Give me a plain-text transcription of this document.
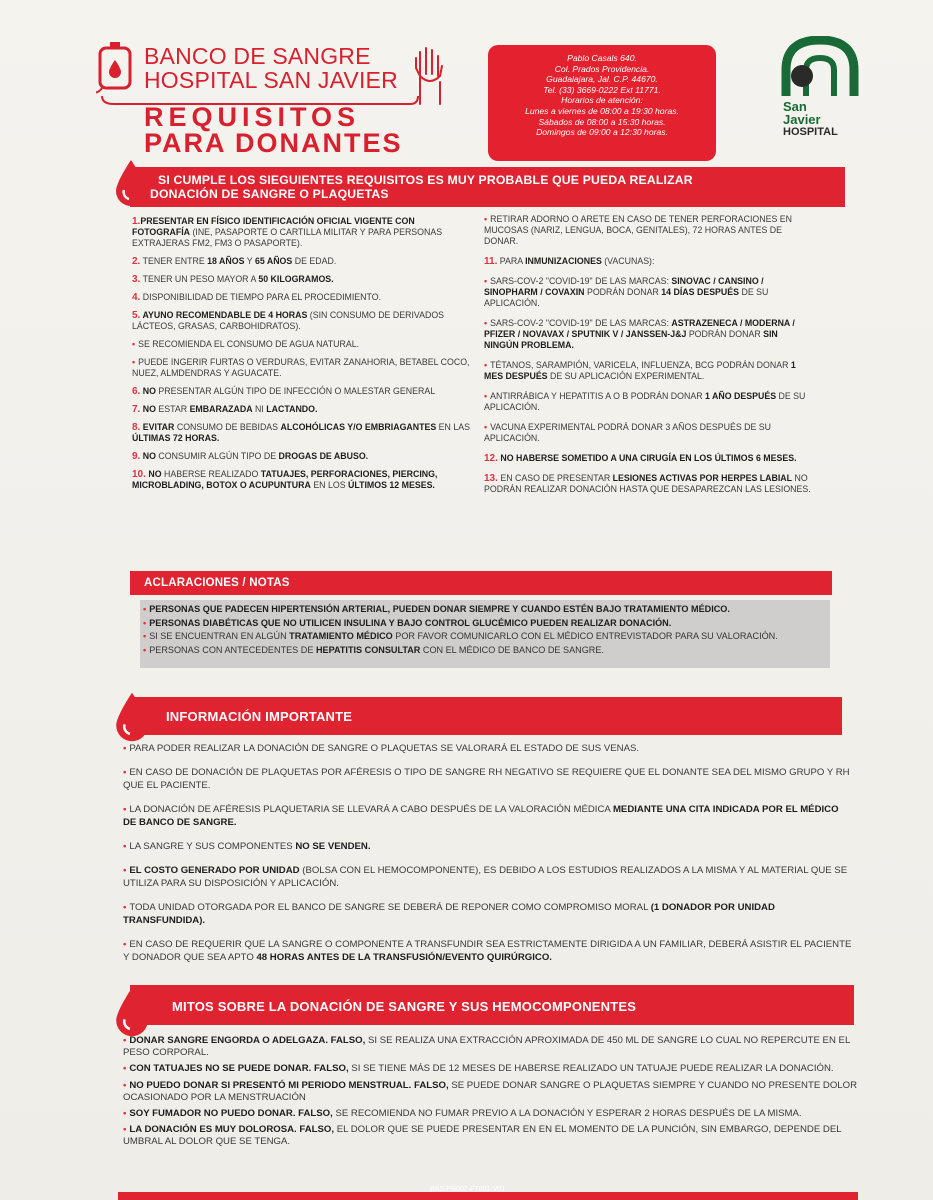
BANCO DE SANGRE
HOSPITAL SAN JAVIER
REQUISITOS
PARA DONANTES
Pablo Casals 640.
Col. Prados Providencia.
Guadalajara, Jal. C.P. 44670.
Tel. (33) 3669-0222 Ext 11771.
Horarios de atención:
Lunes a viernes de 08:00 a 19:30 horas.
Sábados de 08:00 a 15:30 horas.
Domingos de 09:00 a 12:30 horas.
San
Javier
HOSPITAL
SI CUMPLE LOS SIEGUIENTES REQUISITOS ES MUY PROBABLE QUE PUEDA REALIZAR
DONACIÓN DE SANGRE O PLAQUETAS

1.PRESENTAR EN FÍSICO IDENTIFICACIÓN OFICIAL VIGENTE CON FOTOGRAFÍA (INE, PASAPORTE O CARTILLA MILITAR Y PARA PERSONAS EXTRAJERAS FM2, FM3 O PASAPORTE).

2. TENER ENTRE 18 AÑOS Y 65 AÑOS DE EDAD.

3. TENER UN PESO MAYOR A 50 KILOGRAMOS.

4. DISPONIBILIDAD DE TIEMPO PARA EL PROCEDIMIENTO.

5. AYUNO RECOMENDABLE DE 4 HORAS (SIN CONSUMO DE DERIVADOS LÁCTEOS, GRASAS, CARBOHIDRATOS).

• SE RECOMIENDA EL CONSUMO DE AGUA NATURAL.

• PUEDE INGERIR FURTAS O VERDURAS, EVITAR ZANAHORIA, BETABEL COCO, NUEZ, ALMDENDRAS Y AGUACATE.

6. NO PRESENTAR ALGÚN TIPO DE INFECCIÓN O MALESTAR GENERAL

7. NO ESTAR EMBARAZADA NI LACTANDO.

8. EVITAR CONSUMO DE BEBIDAS ALCOHÓLICAS Y/O EMBRIAGANTES EN LAS ÚLTIMAS 72 HORAS.

9. NO CONSUMIR ALGÚN TIPO DE DROGAS DE ABUSO.

10. NO HABERSE REALIZADO TATUAJES, PERFORACIONES, PIERCING, MICROBLADING, BOTOX O ACUPUNTURA EN LOS ÚLTIMOS 12 MESES.

• RETIRAR ADORNO O ARETE EN CASO DE TENER PERFORACIONES EN MUCOSAS (NARIZ, LENGUA, BOCA, GENITALES), 72 HORAS ANTES DE DONAR.

11. PARA INMUNIZACIONES (VACUNAS):

• SARS-COV-2 "COVID-19" DE LAS MARCAS: SINOVAC / CANSINO / SINOPHARM / COVAXIN PODRÁN DONAR 14 DÍAS DESPUÉS DE SU APLICACIÓN.

• SARS-COV-2 "COVID-19" DE LAS MARCAS: ASTRAZENECA / MODERNA / PFIZER / NOVAVAX / SPUTNIK V / JANSSEN-J&J PODRÁN DONAR SIN NINGÚN PROBLEMA.

• TÉTANOS, SARAMPIÓN, VARICELA, INFLUENZA, BCG PODRÁN DONAR 1 MES DESPUÉS DE SU APLICACIÓN EXPERIMENTAL.

• ANTIRRÁBICA Y HEPATITIS A O B PODRÁN DONAR 1 AÑO DESPUÉS DE SU APLICACIÓN.

• VACUNA EXPERIMENTAL PODRÁ DONAR 3 AÑOS DESPUÉS DE SU APLICACIÓN.

12. NO HABERSE SOMETIDO A UNA CIRUGÍA EN LOS ÚLTIMOS 6 MESES.

13. EN CASO DE PRESENTAR LESIONES ACTIVAS POR HERPES LABIAL NO PODRÁN REALIZAR DONACIÓN HASTA QUE DESAPAREZCAN LAS LESIONES.

ACLARACIONES / NOTAS
• PERSONAS QUE PADECEN HIPERTENSIÓN ARTERIAL, PUEDEN DONAR SIEMPRE Y CUANDO ESTÉN BAJO TRATAMIENTO MÉDICO.
• PERSONAS DIABÉTICAS QUE NO UTILICEN INSULINA Y BAJO CONTROL GLUCÉMICO PUEDEN REALIZAR DONACIÓN.
• SI SE ENCUENTRAN EN ALGÚN TRATAMIENTO MÉDICO POR FAVOR COMUNICARLO CON EL MÉDICO ENTREVISTADOR PARA SU VALORACIÓN.
• PERSONAS CON ANTECEDENTES DE HEPATITIS CONSULTAR CON EL MÉDICO DE BANCO DE SANGRE.
INFORMACIÓN IMPORTANTE

• PARA PODER REALIZAR LA DONACIÓN DE SANGRE O PLAQUETAS SE VALORARÁ EL ESTADO DE SUS VENAS.

• EN CASO DE DONACIÓN DE PLAQUETAS POR AFÉRESIS O TIPO DE SANGRE RH NEGATIVO SE REQUIERE QUE EL DONANTE SEA DEL MISMO GRUPO Y RH QUE EL PACIENTE.

• LA DONACIÓN DE AFÉRESIS PLAQUETARIA SE LLEVARÁ A CABO DESPUÉS DE LA VALORACIÓN MÉDICA MEDIANTE UNA CITA INDICADA POR EL MÉDICO DE BANCO DE SANGRE.

• LA SANGRE Y SUS COMPONENTES NO SE VENDEN.

• EL COSTO GENERADO POR UNIDAD (BOLSA CON EL HEMOCOMPONENTE), ES DEBIDO A LOS ESTUDIOS REALIZADOS A LA MISMA Y AL MATERIAL QUE SE UTILIZA PARA SU DISPOSICIÓN Y APLICACIÓN.

• TODA UNIDAD OTORGADA POR EL BANCO DE SANGRE SE DEBERÁ DE REPONER COMO COMPROMISO MORAL (1 DONADOR POR UNIDAD TRANSFUNDIDA).

• EN CASO DE REQUERIR QUE LA SANGRE O COMPONENTE A TRANSFUNDIR SEA ESTRICTAMENTE DIRIGIDA A UN FAMILIAR, DEBERÁ ASISTIR EL PACIENTE Y DONADOR QUE SEA APTO 48 HORAS ANTES DE LA TRANSFUSIÓN/EVENTO QUIRÚRGICO.

MITOS SOBRE LA DONACIÓN DE SANGRE Y SUS HEMOCOMPONENTES

• DONAR SANGRE ENGORDA O ADELGAZA. FALSO, SI SE REALIZA UNA EXTRACCIÓN APROXIMADA DE 450 ML DE SANGRE LO CUAL NO REPERCUTE EN EL PESO CORPORAL.

• CON TATUAJES NO SE PUEDE DONAR. FALSO, SI SE TIENE MÁS DE 12 MESES DE HABERSE REALIZADO UN TATUAJE PUEDE REALIZAR LA DONACIÓN.

• NO PUEDO DONAR SI PRESENTÓ MI PERIODO MENSTRUAL. FALSO, SE PUEDE DONAR SANGRE O PLAQUETAS SIEMPRE Y CUANDO NO PRESENTE DOLOR OCASIONADO POR LA MENSTRUACIÓN

• SOY FUMADOR NO PUEDO DONAR. FALSO, SE RECOMIENDA NO FUMAR PREVIO A LA DONACIÓN Y ESPERAR 2 HORAS DESPUÉS DE LA MISMA.

• LA DONACIÓN ES MUY DOLOROSA. FALSO, EL DOLOR QUE SE PUEDE PRESENTAR EN EN EL MOMENTO DE LA PUNCIÓN, SIN EMBARGO, DEPENDE DEL UMBRAL AL DOLOR QUE SE TENGA.

BAS-PR007-FT001-V01
